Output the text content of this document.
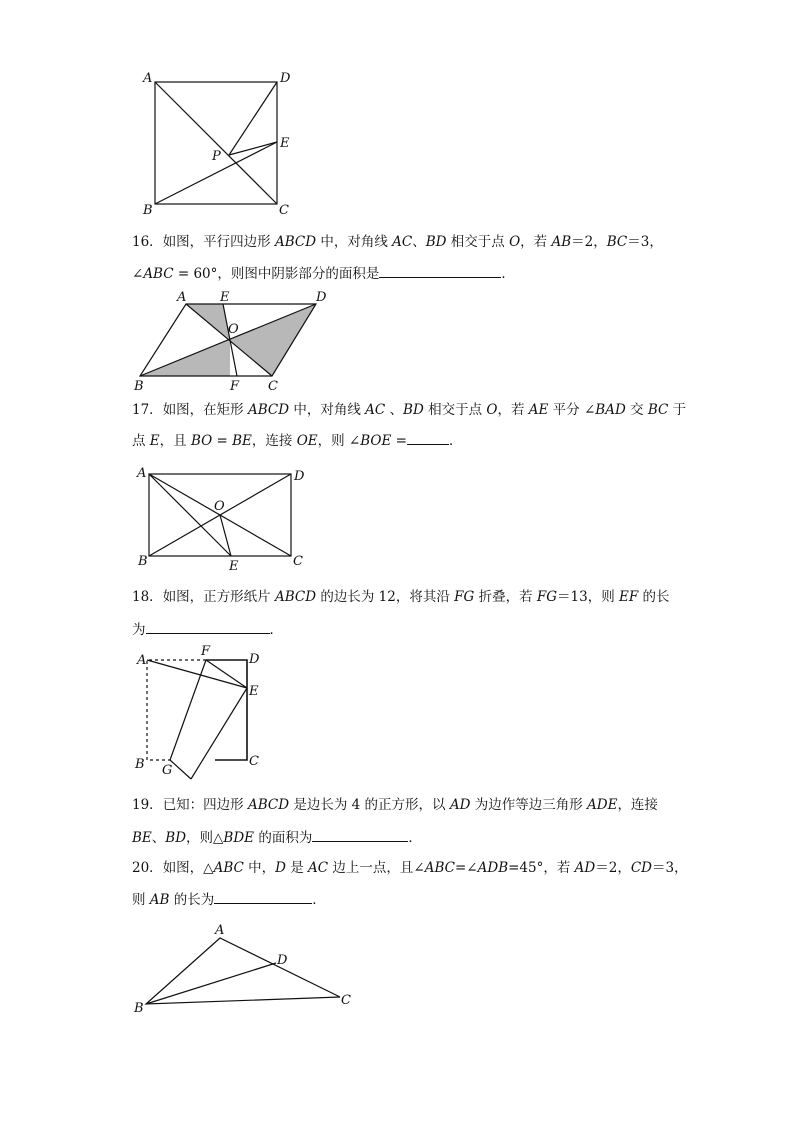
A	D
E
P
B	C
16．如图，平行四边形 ABCD 中，对角线 AC、BD 相交于点 O，若 AB＝2，BC＝3，
∠ABC = 60°，则图中阴影部分的面积是	．
A	E	D
O
B	F C
17．如图，在矩形 ABCD 中，对角线 AC 、BD 相交于点 O，若 AE 平分 ∠BAD 交 BC 于
点 E，且 BO = BE，连接 OE，则 ∠BOE =	．
A	D
O
B	E	C
18．如图，正方形纸片 ABCD 的边长为 12，将其沿 FG 折叠，若 FG＝13，则 EF 的长
为	．
A
F
D
E
B G
C
19．已知：四边形 ABCD 是边长为 4 的正方形，以 AD 为边作等边三角形 ADE，连接
BE、BD，则△BDE 的面积为	．
20．如图，△ABC 中，D 是 AC 边上一点，且∠ABC=∠ADB=45°，若 AD＝2，CD＝3，
则 AB 的长为	．
A
D
B
C
